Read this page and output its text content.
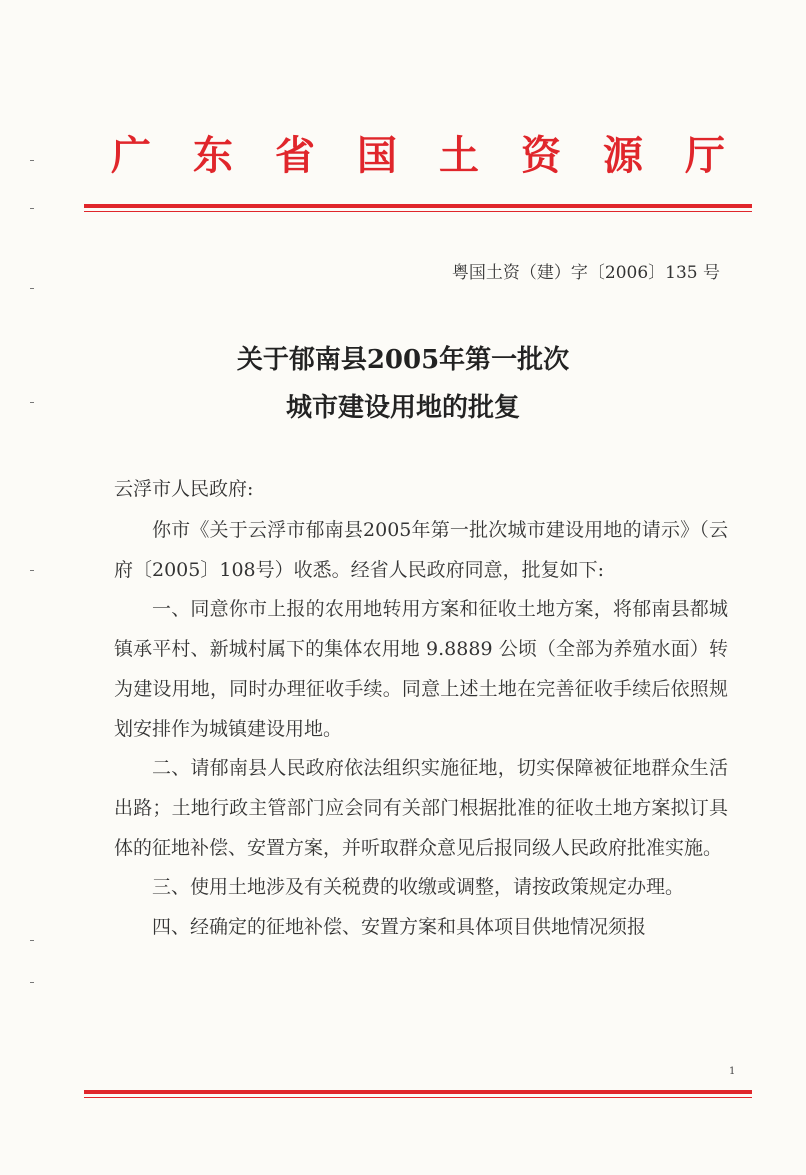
广 东 省 国 土 资 源 厅
粤国土资（建）字〔2006〕135 号
关于郁南县2005年第一批次
城市建设用地的批复
云浮市人民政府:

你市《关于云浮市郁南县2005年第一批次城市建设用地的请示》（云府〔2005〕108号）收悉。经省人民政府同意，批复如下:

一、同意你市上报的农用地转用方案和征收土地方案，将郁南县都城镇承平村、新城村属下的集体农用地 9.8889 公顷（全部为养殖水面）转为建设用地，同时办理征收手续。同意上述土地在完善征收手续后依照规划安排作为城镇建设用地。

二、请郁南县人民政府依法组织实施征地，切实保障被征地群众生活出路；土地行政主管部门应会同有关部门根据批准的征收土地方案拟订具体的征地补偿、安置方案，并听取群众意见后报同级人民政府批准实施。

三、使用土地涉及有关税费的收缴或调整，请按政策规定办理。

四、经确定的征地补偿、安置方案和具体项目供地情况须报

1
